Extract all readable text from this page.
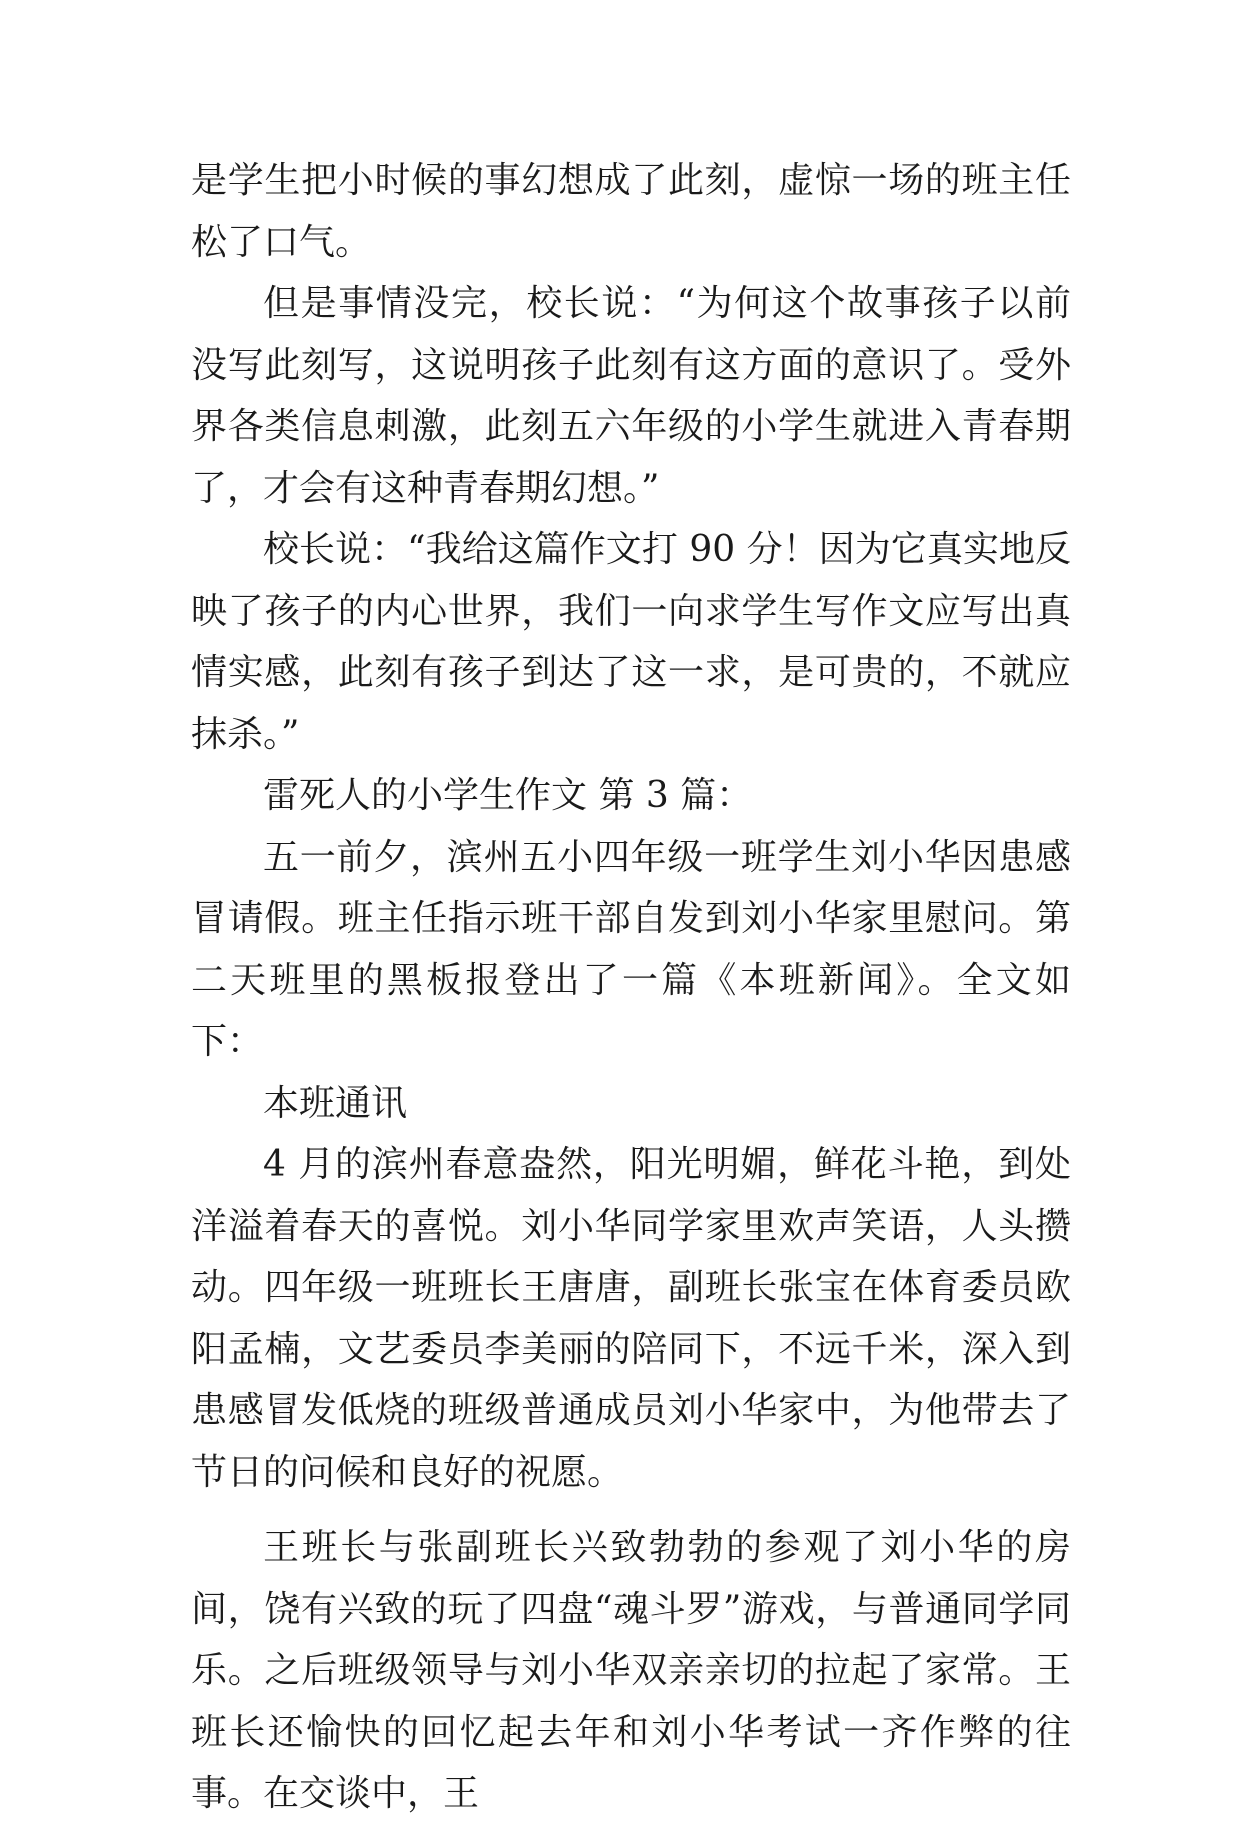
是学生把小时候的事幻想成了此刻，虚惊一场的班主任松了口气。

但是事情没完，校长说：“为何这个故事孩子以前没写此刻写，这说明孩子此刻有这方面的意识了。受外界各类信息刺激，此刻五六年级的小学生就进入青春期了，才会有这种青春期幻想。”

校长说：“我给这篇作文打 90 分！因为它真实地反映了孩子的内心世界，我们一向求学生写作文应写出真情实感，此刻有孩子到达了这一求，是可贵的，不就应抹杀。”

雷死人的小学生作文 第 3 篇：

五一前夕，滨州五小四年级一班学生刘小华因患感冒请假。班主任指示班干部自发到刘小华家里慰问。第二天班里的黑板报登出了一篇《本班新闻》。全文如下：

本班通讯

4 月的滨州春意盎然，阳光明媚，鲜花斗艳，到处洋溢着春天的喜悦。刘小华同学家里欢声笑语，人头攒动。四年级一班班长王唐唐，副班长张宝在体育委员欧阳孟楠，文艺委员李美丽的陪同下，不远千米，深入到患感冒发低烧的班级普通成员刘小华家中，为他带去了节日的问候和良好的祝愿。

王班长与张副班长兴致勃勃的参观了刘小华的房间，饶有兴致的玩了四盘“魂斗罗”游戏，与普通同学同乐。之后班级领导与刘小华双亲亲切的拉起了家常。王班长还愉快的回忆起去年和刘小华考试一齐作弊的往事。在交谈中，王
